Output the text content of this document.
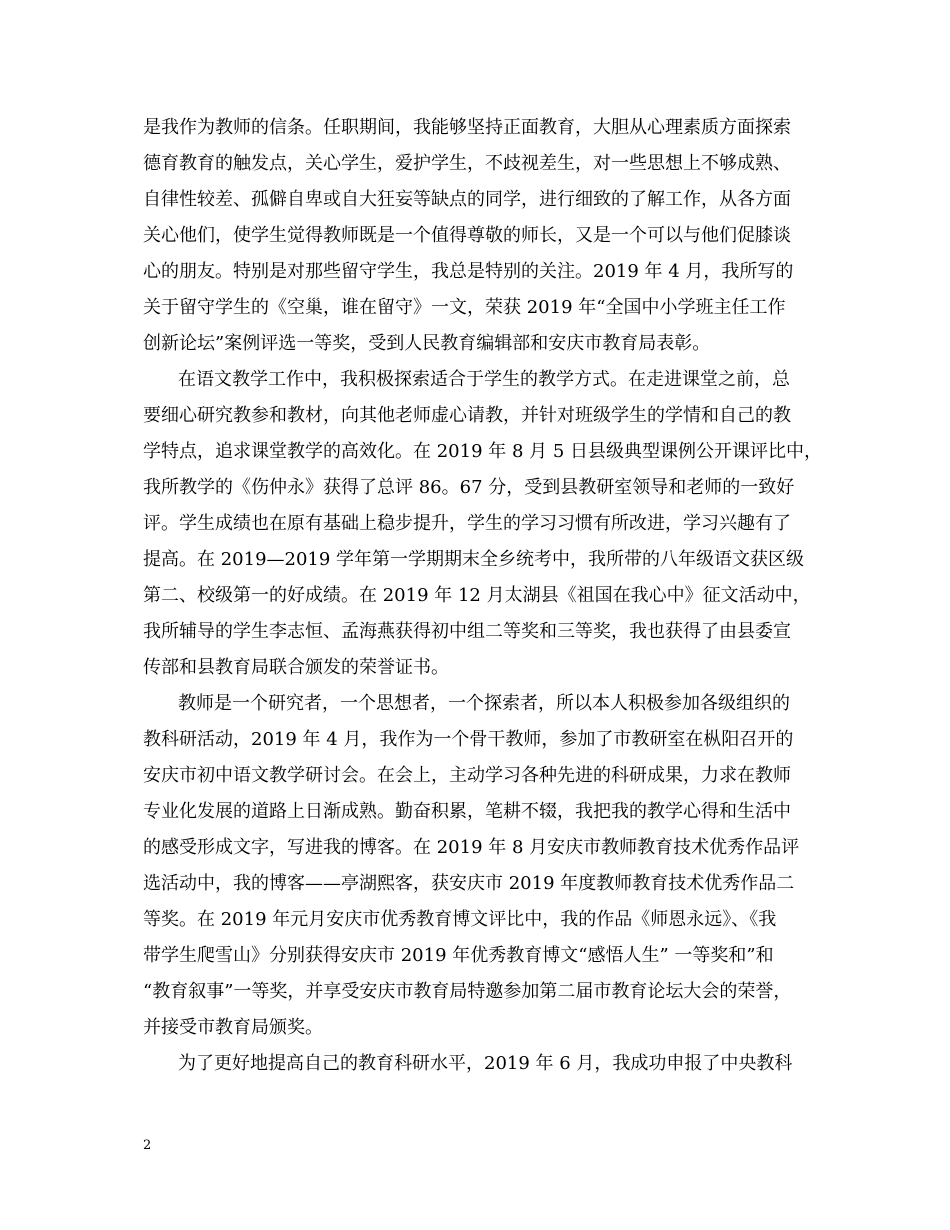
是我作为教师的信条。任职期间，我能够坚持正面教育，大胆从心理素质方面探索
德育教育的触发点，关心学生，爱护学生，不歧视差生，对一些思想上不够成熟、
自律性较差、孤僻自卑或自大狂妄等缺点的同学，进行细致的了解工作，从各方面
关心他们，使学生觉得教师既是一个值得尊敬的师长，又是一个可以与他们促膝谈
心的朋友。特别是对那些留守学生，我总是特别的关注。2019 年 4 月，我所写的
关于留守学生的《空巢，谁在留守》一文，荣获 2019 年“全国中小学班主任工作
创新论坛”案例评选一等奖，受到人民教育编辑部和安庆市教育局表彰。
在语文教学工作中，我积极探索适合于学生的教学方式。在走进课堂之前，总
要细心研究教参和教材，向其他老师虚心请教，并针对班级学生的学情和自己的教
学特点，追求课堂教学的高效化。在 2019 年 8 月 5 日县级典型课例公开课评比中，
我所教学的《伤仲永》获得了总评 86。67 分，受到县教研室领导和老师的一致好
评。学生成绩也在原有基础上稳步提升，学生的学习习惯有所改进，学习兴趣有了
提高。在 2019—2019 学年第一学期期末全乡统考中，我所带的八年级语文获区级
第二、校级第一的好成绩。在 2019 年 12 月太湖县《祖国在我心中》征文活动中，
我所辅导的学生李志恒、孟海燕获得初中组二等奖和三等奖，我也获得了由县委宣
传部和县教育局联合颁发的荣誉证书。
教师是一个研究者，一个思想者，一个探索者，所以本人积极参加各级组织的
教科研活动，2019 年 4 月，我作为一个骨干教师，参加了市教研室在枞阳召开的
安庆市初中语文教学研讨会。在会上，主动学习各种先进的科研成果，力求在教师
专业化发展的道路上日渐成熟。勤奋积累，笔耕不辍，我把我的教学心得和生活中
的感受形成文字，写进我的博客。在 2019 年 8 月安庆市教师教育技术优秀作品评
选活动中，我的博客——亭湖熙客，获安庆市 2019 年度教师教育技术优秀作品二
等奖。在 2019 年元月安庆市优秀教育博文评比中，我的作品《师恩永远》、《我
带学生爬雪山》分别获得安庆市 2019 年优秀教育博文“感悟人生” 一等奖和”和
“教育叙事”一等奖，并享受安庆市教育局特邀参加第二届市教育论坛大会的荣誉，
并接受市教育局颁奖。
为了更好地提高自己的教育科研水平，2019 年 6 月，我成功申报了中央教科
2
